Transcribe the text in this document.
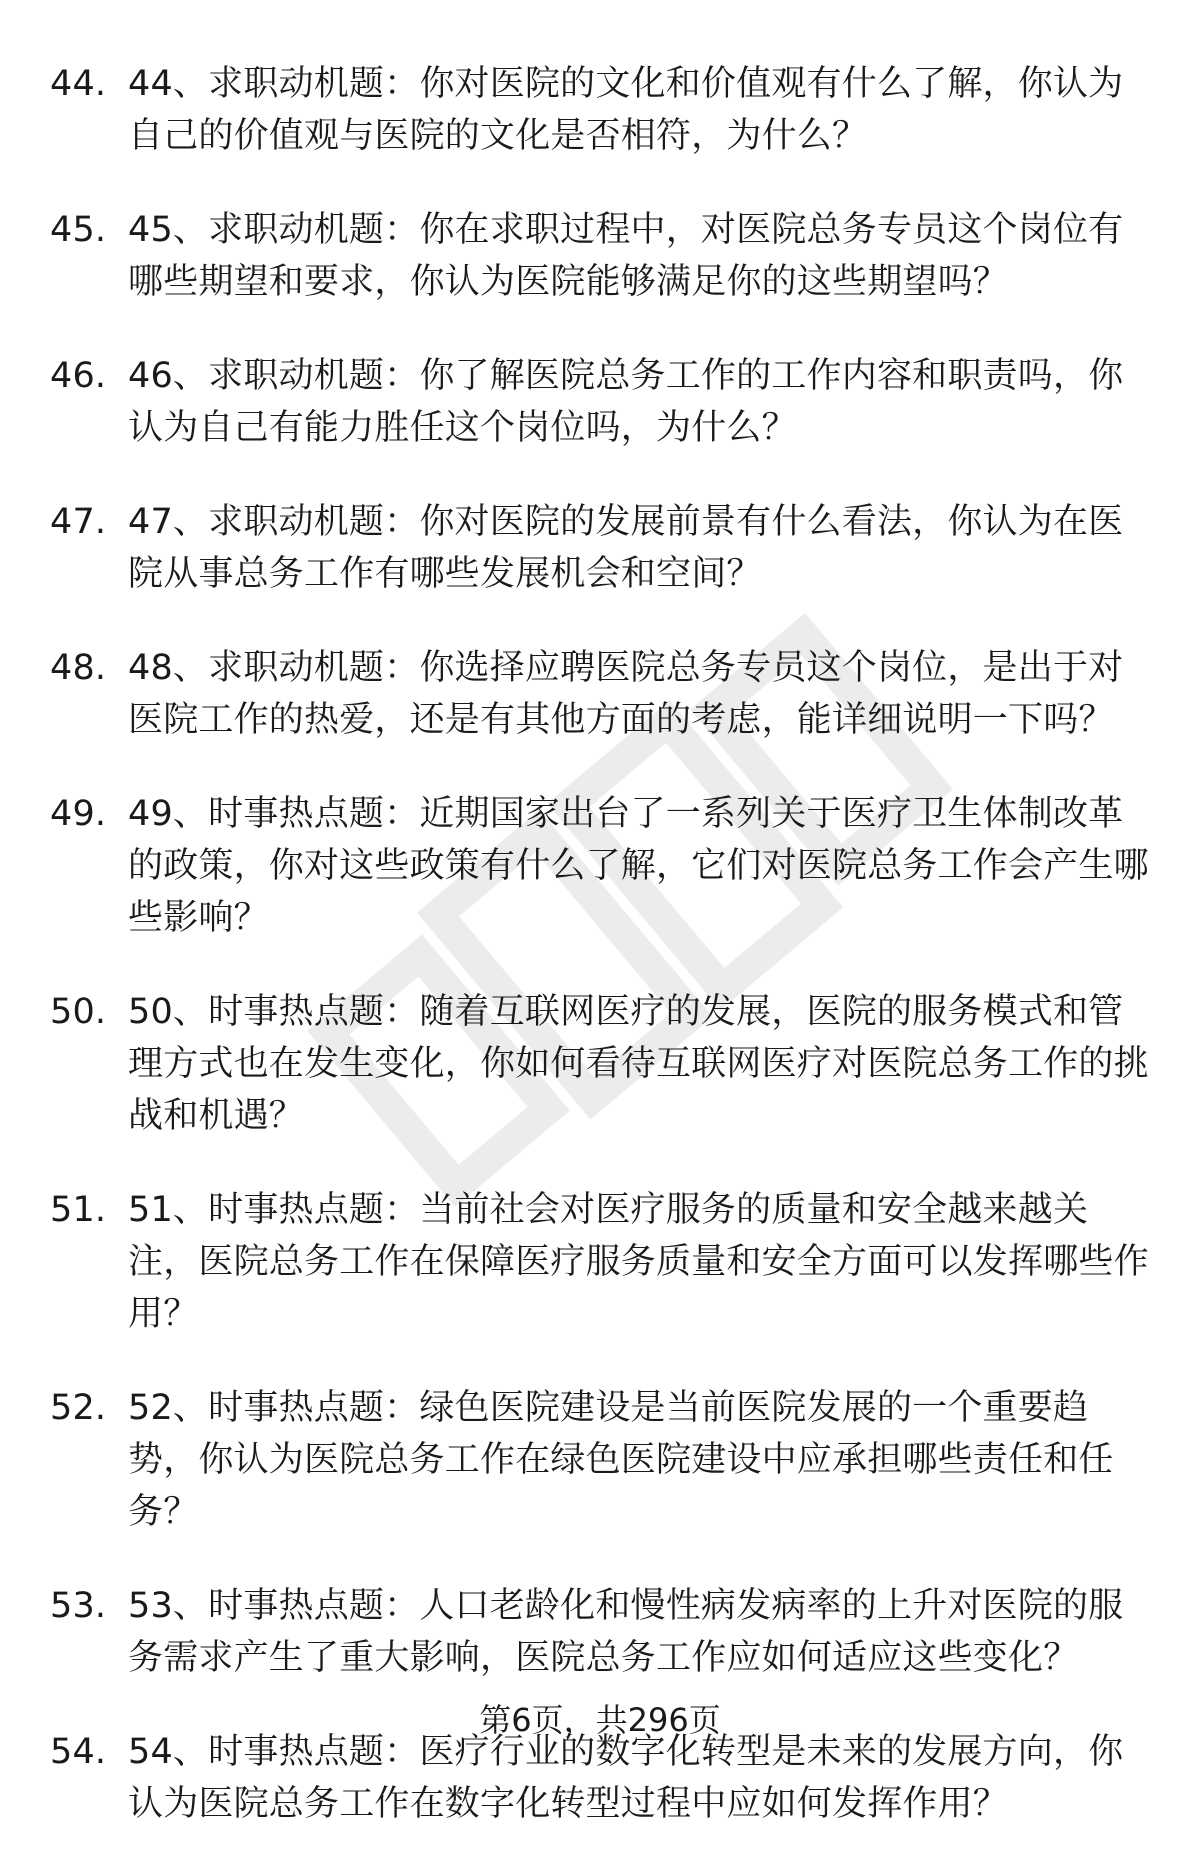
44. 44、求职动机题：你对医院的文化和价值观有什么了解，你认为自己的价值观与医院的文化是否相符，为什么？
45. 45、求职动机题：你在求职过程中，对医院总务专员这个岗位有哪些期望和要求，你认为医院能够满足你的这些期望吗？
46. 46、求职动机题：你了解医院总务工作的工作内容和职责吗，你认为自己有能力胜任这个岗位吗，为什么？
47. 47、求职动机题：你对医院的发展前景有什么看法，你认为在医院从事总务工作有哪些发展机会和空间？
48. 48、求职动机题：你选择应聘医院总务专员这个岗位，是出于对医院工作的热爱，还是有其他方面的考虑，能详细说明一下吗？
49. 49、时事热点题：近期国家出台了一系列关于医疗卫生体制改革的政策，你对这些政策有什么了解，它们对医院总务工作会产生哪些影响？
50. 50、时事热点题：随着互联网医疗的发展，医院的服务模式和管理方式也在发生变化，你如何看待互联网医疗对医院总务工作的挑战和机遇？
51. 51、时事热点题：当前社会对医疗服务的质量和安全越来越关注，医院总务工作在保障医疗服务质量和安全方面可以发挥哪些作用？
52. 52、时事热点题：绿色医院建设是当前医院发展的一个重要趋势，你认为医院总务工作在绿色医院建设中应承担哪些责任和任务？
53. 53、时事热点题：人口老龄化和慢性病发病率的上升对医院的服务需求产生了重大影响，医院总务工作应如何适应这些变化？
54. 54、时事热点题：医疗行业的数字化转型是未来的发展方向，你认为医院总务工作在数字化转型过程中应如何发挥作用？
第6页，共296页
